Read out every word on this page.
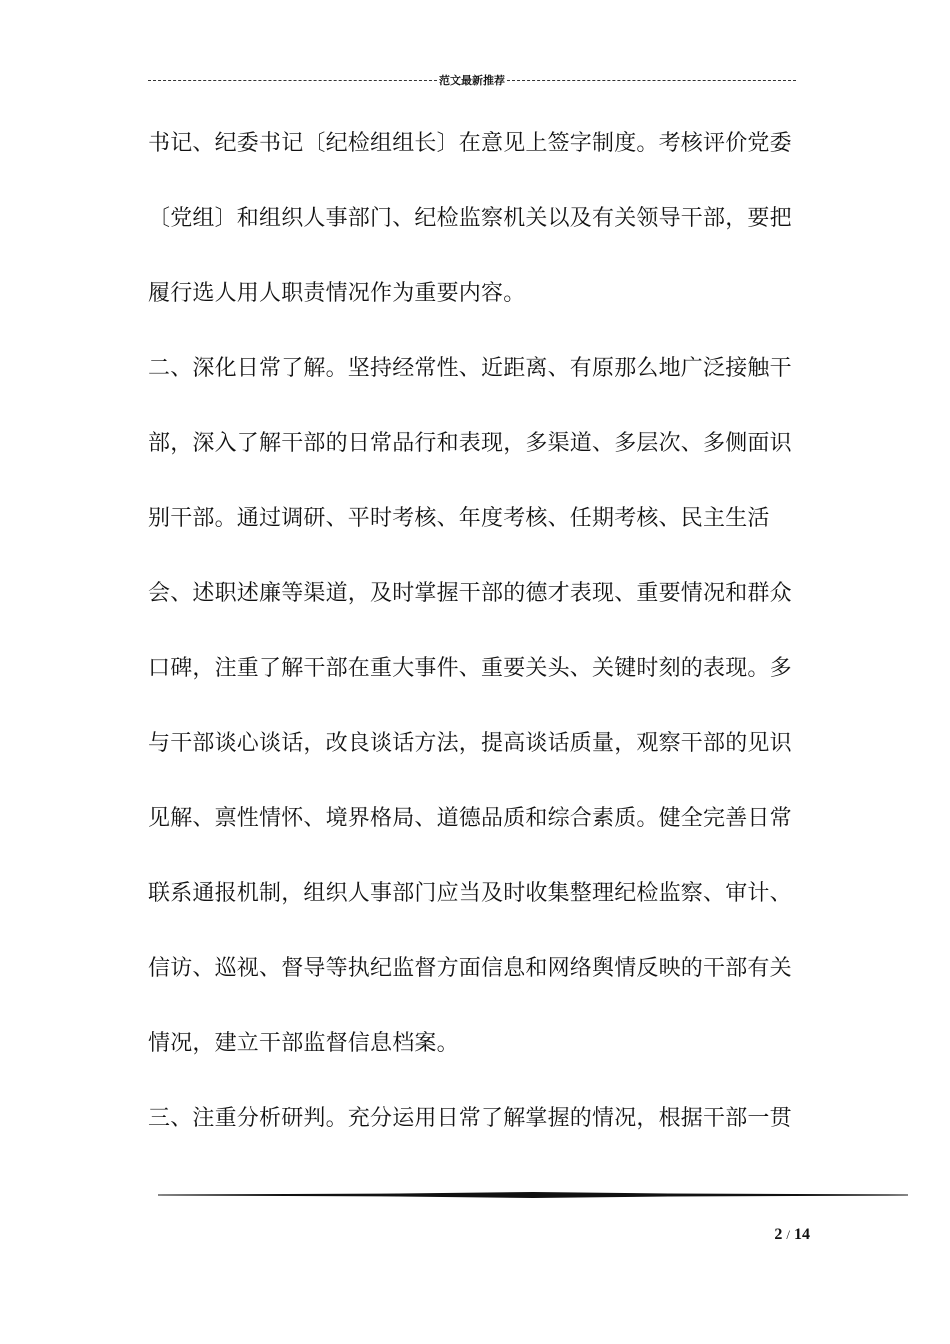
范文最新推荐
书记、纪委书记〔纪检组组长〕在意见上签字制度。考核评价党委
〔党组〕和组织人事部门、纪检监察机关以及有关领导干部，要把
履行选人用人职责情况作为重要内容。
二、深化日常了解。坚持经常性、近距离、有原那么地广泛接触干
部，深入了解干部的日常品行和表现，多渠道、多层次、多侧面识
别干部。通过调研、平时考核、年度考核、任期考核、民主生活
会、述职述廉等渠道，及时掌握干部的德才表现、重要情况和群众
口碑，注重了解干部在重大事件、重要关头、关键时刻的表现。多
与干部谈心谈话，改良谈话方法，提高谈话质量，观察干部的见识
见解、禀性情怀、境界格局、道德品质和综合素质。健全完善日常
联系通报机制，组织人事部门应当及时收集整理纪检监察、审计、
信访、巡视、督导等执纪监督方面信息和网络舆情反映的干部有关
情况，建立干部监督信息档案。
三、注重分析研判。充分运用日常了解掌握的情况，根据干部一贯
2 / 14
